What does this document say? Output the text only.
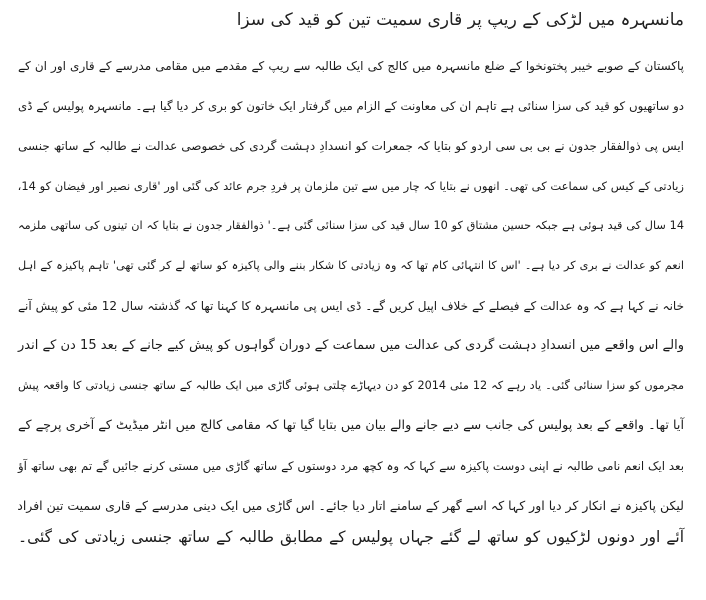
مانسہرہ میں لڑکی کے ریپ پر قاری سمیت تین کو قید کی سزا
پاکستان کے صوبے خیبر پختونخوا کے ضلع مانسہرہ میں کالج کی ایک طالبہ سے ریپ کے مقدمے میں مقامی مدرسے کے قاری اور ان کے
دو ساتھیوں کو قید کی سزا سنائی ہے تاہم ان کی معاونت کے الزام میں گرفتار ایک خاتون کو بری کر دیا گیا ہے۔ مانسہرہ پولیس کے ڈی
ایس پی ذوالفقار جدون نے بی بی سی اردو کو بتایا کہ جمعرات کو انسدادِ دہشت گردی کی خصوصی عدالت نے طالبہ کے ساتھ جنسی
زیادتی کے کیس کی سماعت کی تھی۔ انھوں نے بتایا کہ چار میں سے تین ملزمان پر فردِ جرم عائد کی گئی اور 'قاری نصیر اور فیضان کو 14،
14 سال کی قید ہوئی ہے جبکہ حسین مشتاق کو 10 سال قید کی سزا سنائی گئی ہے۔' ذوالفقار جدون نے بتایا کہ ان تینوں کی ساتھی ملزمہ
انعم کو عدالت نے بری کر دیا ہے۔ 'اس کا انتہائی کام تھا کہ وہ زیادتی کا شکار بننے والی پاکیزہ کو ساتھ لے کر گئی تھی' تاہم پاکیزہ کے اہل
خانہ نے کہا ہے کہ وہ عدالت کے فیصلے کے خلاف اپیل کریں گے۔ ڈی ایس پی مانسہرہ کا کہنا تھا کہ گذشتہ سال 12 مئی کو پیش آنے
والے اس واقعے میں انسدادِ دہشت گردی کی عدالت میں سماعت کے دوران گواہوں کو پیش کیے جانے کے بعد 15 دن کے اندر
مجرموں کو سزا سنائی گئی۔ یاد رہے کہ 12 مئی 2014 کو دن دیہاڑے چلتی ہوئی گاڑی میں ایک طالبہ کے ساتھ جنسی زیادتی کا واقعہ پیش
آیا تھا۔ واقعے کے بعد پولیس کی جانب سے دیے جانے والے بیان میں بتایا گیا تھا کہ مقامی کالج میں انٹر میڈیٹ کے آخری پرچے کے
بعد ایک انعم نامی طالبہ نے اپنی دوست پاکیزہ سے کہا کہ وہ کچھ مرد دوستوں کے ساتھ گاڑی میں مستی کرنے جائیں گے تم بھی ساتھ آؤ
لیکن پاکیزہ نے انکار کر دیا اور کہا کہ اسے گھر کے سامنے اتار دیا جائے۔ اس گاڑی میں ایک دینی مدرسے کے قاری سمیت تین افراد
آئے اور دونوں لڑکیوں کو ساتھ لے گئے جہاں پولیس کے مطابق طالبہ کے ساتھ جنسی زیادتی کی گئی۔
